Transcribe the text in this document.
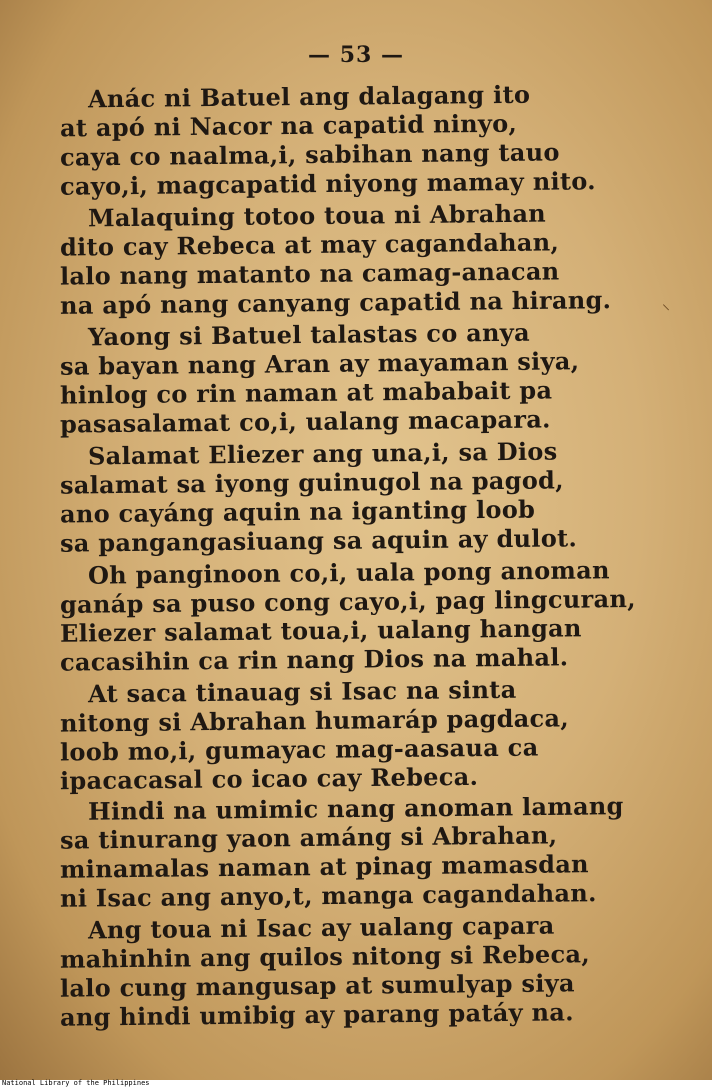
— 53 —
Anác ni Batuel ang dalagang ito
at apó ni Nacor na capatid ninyo,
caya co naalma,i, sabihan nang tauo
cayo,i, magcapatid niyong mamay nito.
Malaquing totoo toua ni Abrahan
dito cay Rebeca at may cagandahan,
lalo nang matanto na camag-anacan
na apó nang canyang capatid na hirang.
Yaong si Batuel talastas co anya
sa bayan nang Aran ay mayaman siya,
hinlog co rin naman at mababait pa
pasasalamat co,i, ualang macapara.
Salamat Eliezer ang una,i, sa Dios
salamat sa iyong guinugol na pagod,
ano cayáng aquin na iganting loob
sa pangangasiuang sa aquin ay dulot.
Oh panginoon co,i, uala pong anoman
ganáp sa puso cong cayo,i, pag lingcuran,
Eliezer salamat toua,i, ualang hangan
cacasihin ca rin nang Dios na mahal.
At saca tinauag si Isac na sinta
nitong si Abrahan humaráp pagdaca,
loob mo,i, gumayac mag-aasaua ca
ipacacasal co icao cay Rebeca.
Hindi na umimic nang anoman lamang
sa tinurang yaon amáng si Abrahan,
minamalas naman at pinag mamasdan
ni Isac ang anyo,t, manga cagandahan.
Ang toua ni Isac ay ualang capara
mahinhin ang quilos nitong si Rebeca,
lalo cung mangusap at sumulyap siya
ang hindi umibig ay parang patáy na.
⸜
National Library of the Philippines
